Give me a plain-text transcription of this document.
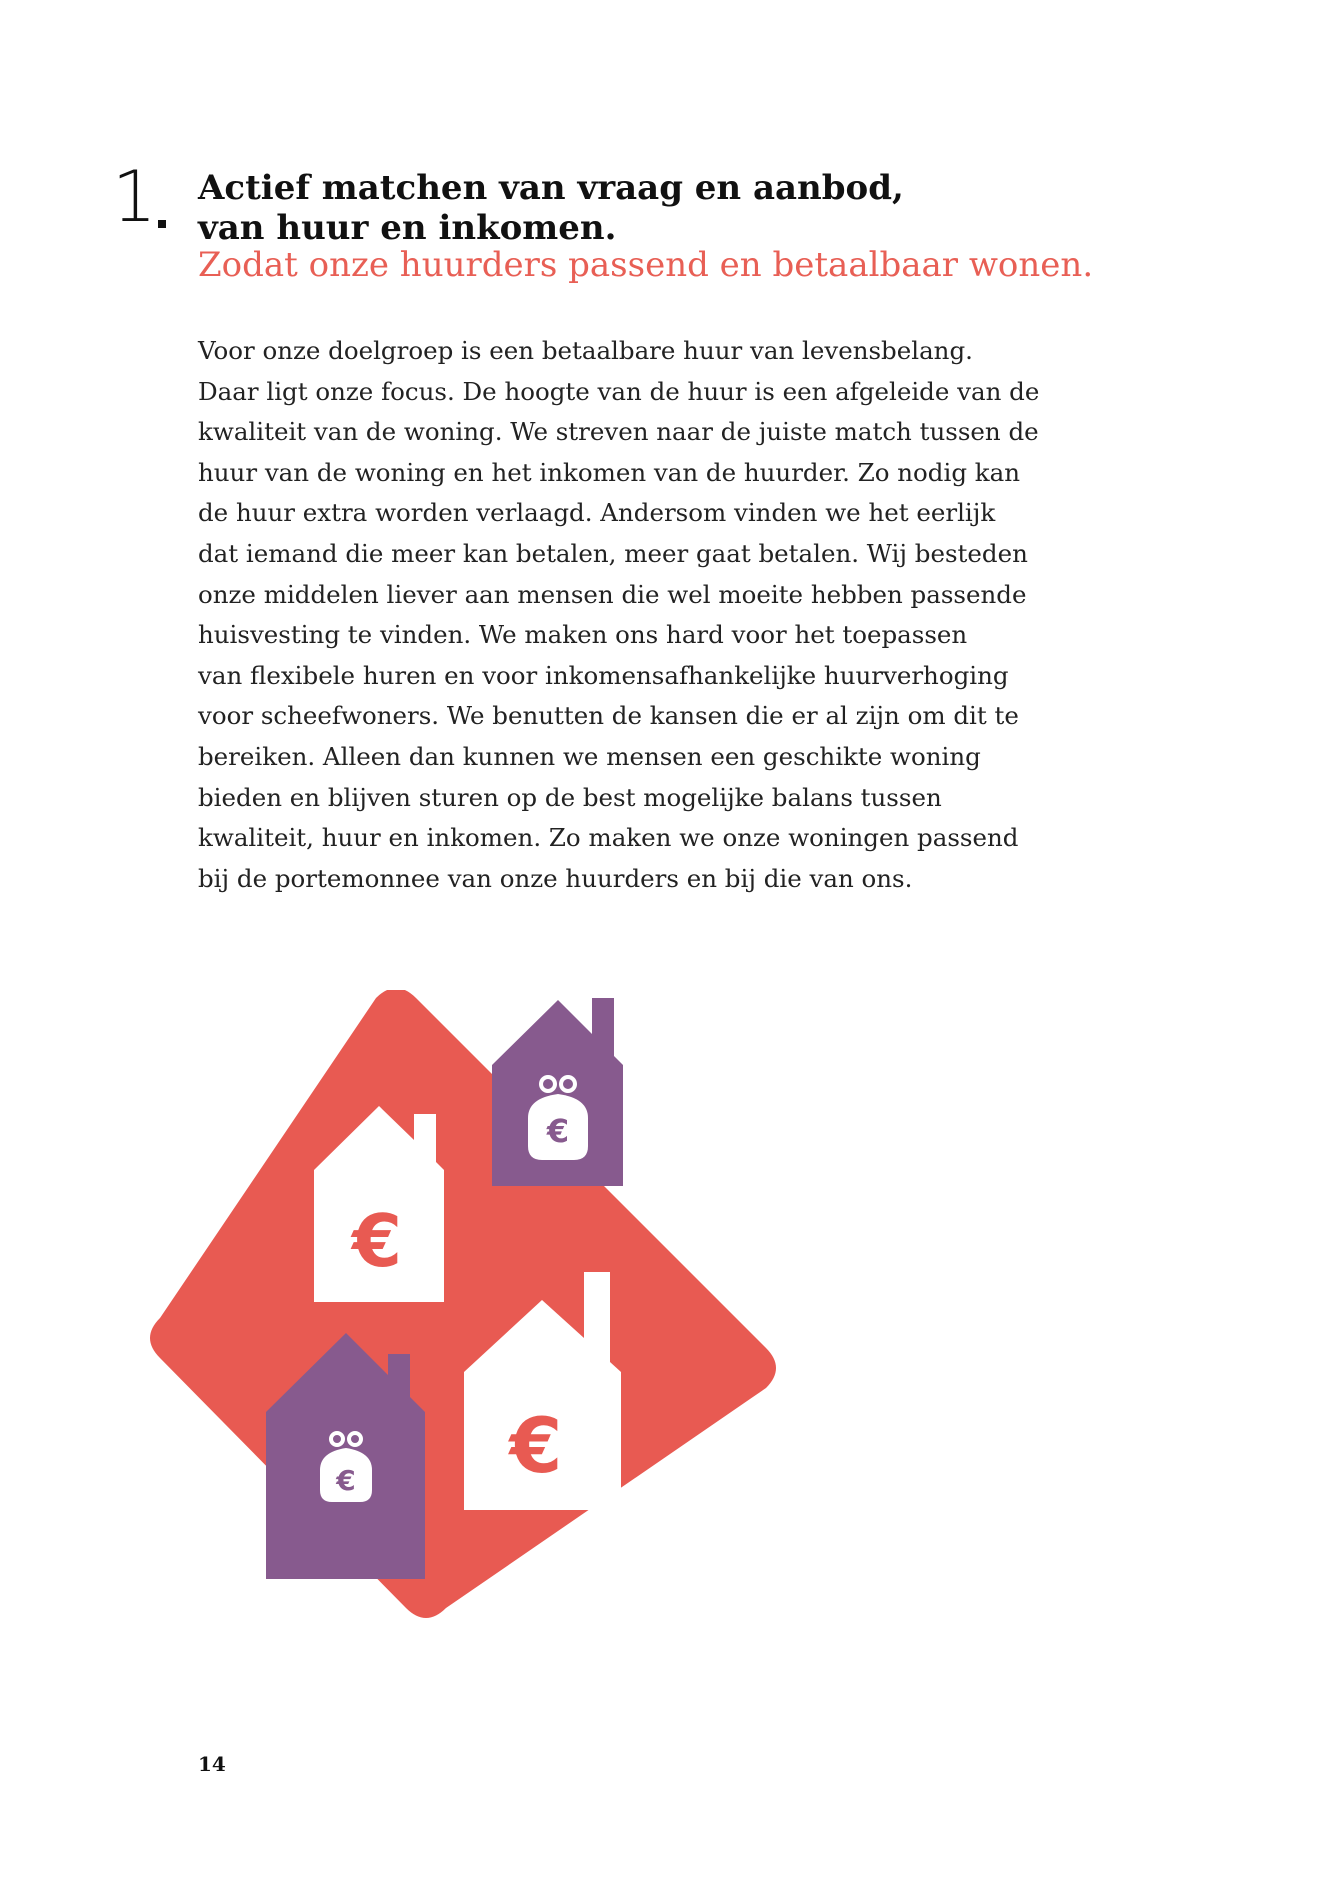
1 Actief matchen van vraag en aanbod,
van huur en inkomen.
Zodat onze huurders passend en betaalbaar wonen.
Voor onze doelgroep is een betaalbare huur van levensbelang.
Daar ligt onze focus. De hoogte van de huur is een afgeleide van de
kwaliteit van de woning. We streven naar de juiste match tussen de
huur van de woning en het inkomen van de huurder. Zo nodig kan
de huur extra worden verlaagd. Andersom vinden we het eerlijk
dat iemand die meer kan betalen, meer gaat betalen. Wij besteden
onze middelen liever aan mensen die wel moeite hebben passende
huisvesting te vinden. We maken ons hard voor het toepassen
van flexibele huren en voor inkomensafhankelijke huurverhoging
voor scheefwoners. We benutten de kansen die er al zijn om dit te
bereiken. Alleen dan kunnen we mensen een geschikte woning
bieden en blijven sturen op de best mogelijke balans tussen
kwaliteit, huur en inkomen. Zo maken we onze woningen passend
bij de portemonnee van onze huurders en bij die van ons.
€
€
€
€
14
